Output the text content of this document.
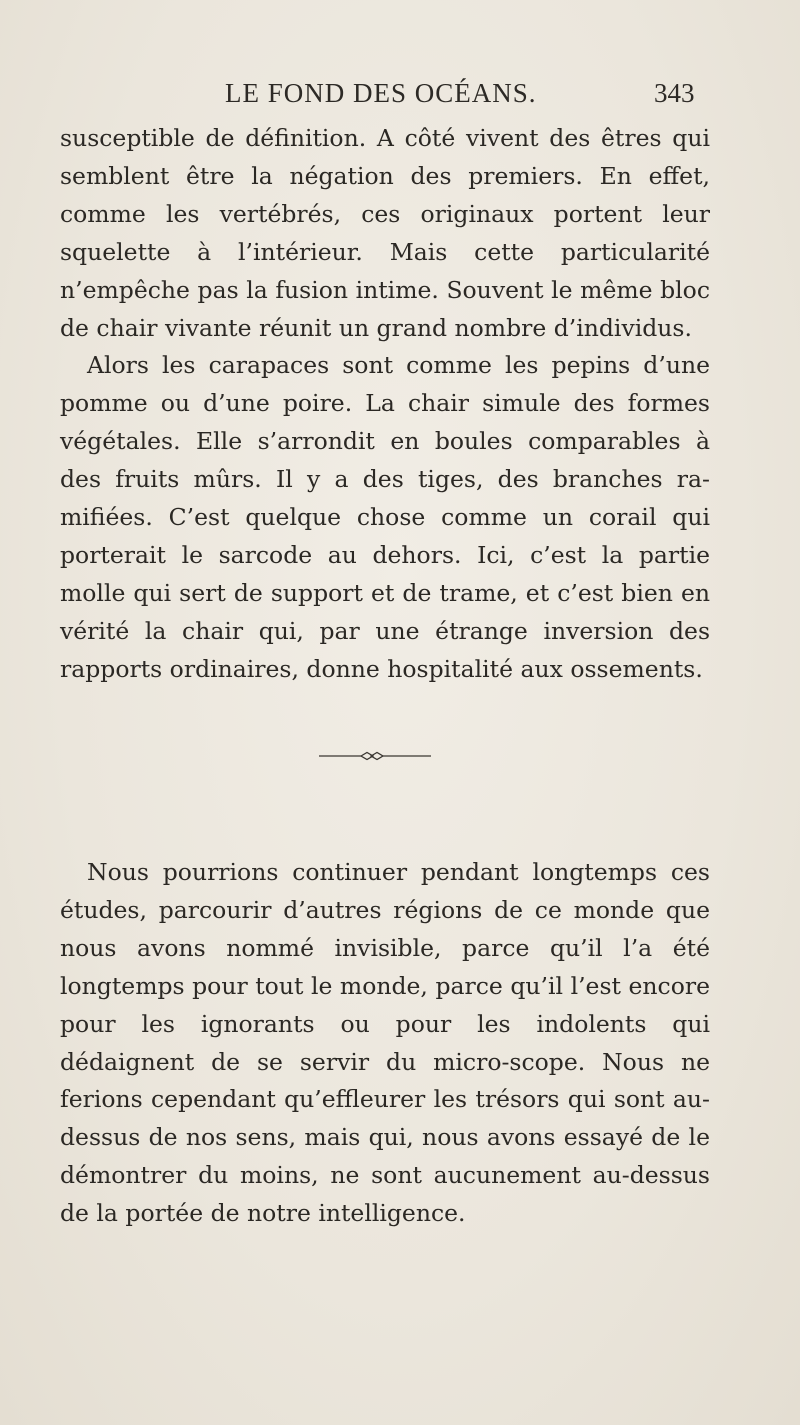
LE FOND DES OCÉANS.	343

susceptible de définition. A côté vivent des êtres qui semblent être la négation des premiers. En effet, comme les vertébrés, ces originaux portent leur squelette à l’intérieur. Mais cette particularité n’empêche pas la fusion intime. Souvent le même bloc de chair vivante réunit un grand nombre d’individus.

Alors les carapaces sont comme les pepins d’une pomme ou d’une poire. La chair simule des formes végétales. Elle s’arrondit en boules comparables à des fruits mûrs. Il y a des tiges, des branches ra-mifiées. C’est quelque chose comme un corail qui porterait le sarcode au dehors. Ici, c’est la partie molle qui sert de support et de trame, et c’est bien en vérité la chair qui, par une étrange inversion des rapports ordinaires, donne hospitalité aux ossements.

Nous pourrions continuer pendant longtemps ces études, parcourir d’autres régions de ce monde que nous avons nommé invisible, parce qu’il l’a été longtemps pour tout le monde, parce qu’il l’est encore pour les ignorants ou pour les indolents qui dédaignent de se servir du micro-scope. Nous ne ferions cependant qu’effleurer les trésors qui sont au-dessus de nos sens, mais qui, nous avons essayé de le démontrer du moins, ne sont aucunement au-dessus de la portée de notre intelligence.
